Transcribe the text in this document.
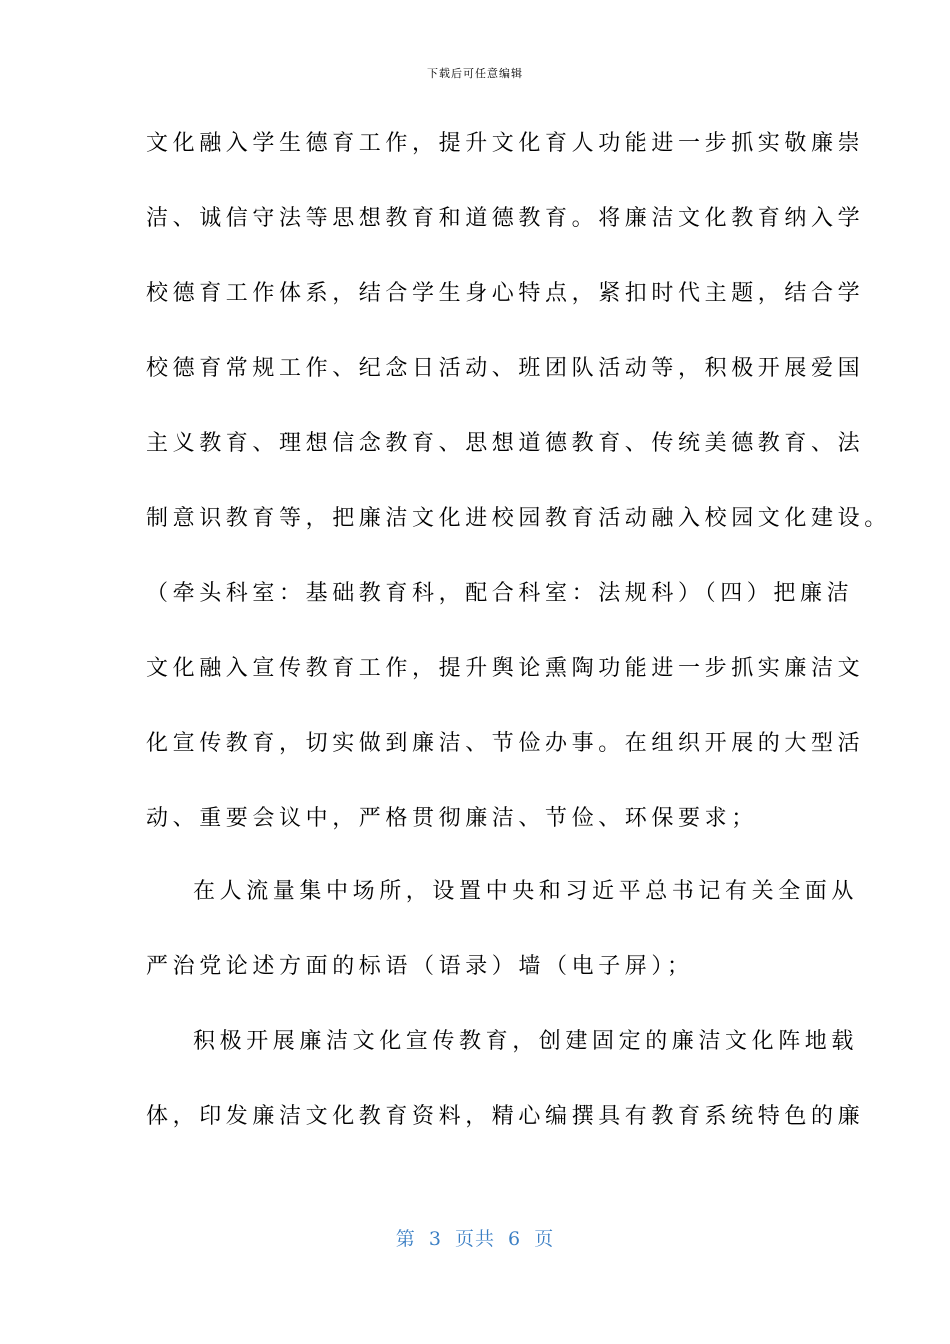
下载后可任意编辑
文化融入学生德育工作，提升文化育人功能进一步抓实敬廉崇
洁、诚信守法等思想教育和道德教育。将廉洁文化教育纳入学
校德育工作体系，结合学生身心特点，紧扣时代主题，结合学
校德育常规工作、纪念日活动、班团队活动等，积极开展爱国
主义教育、理想信念教育、思想道德教育、传统美德教育、法
制意识教育等，把廉洁文化进校园教育活动融入校园文化建设。
（牵头科室：基础教育科，配合科室：法规科）（四）把廉洁
文化融入宣传教育工作，提升舆论熏陶功能进一步抓实廉洁文
化宣传教育，切实做到廉洁、节俭办事。在组织开展的大型活
动、重要会议中，严格贯彻廉洁、节俭、环保要求；
在人流量集中场所，设置中央和习近平总书记有关全面从
严治党论述方面的标语（语录）墙（电子屏）；
积极开展廉洁文化宣传教育，创建固定的廉洁文化阵地载
体，印发廉洁文化教育资料，精心编撰具有教育系统特色的廉
第 3 页共 6 页
